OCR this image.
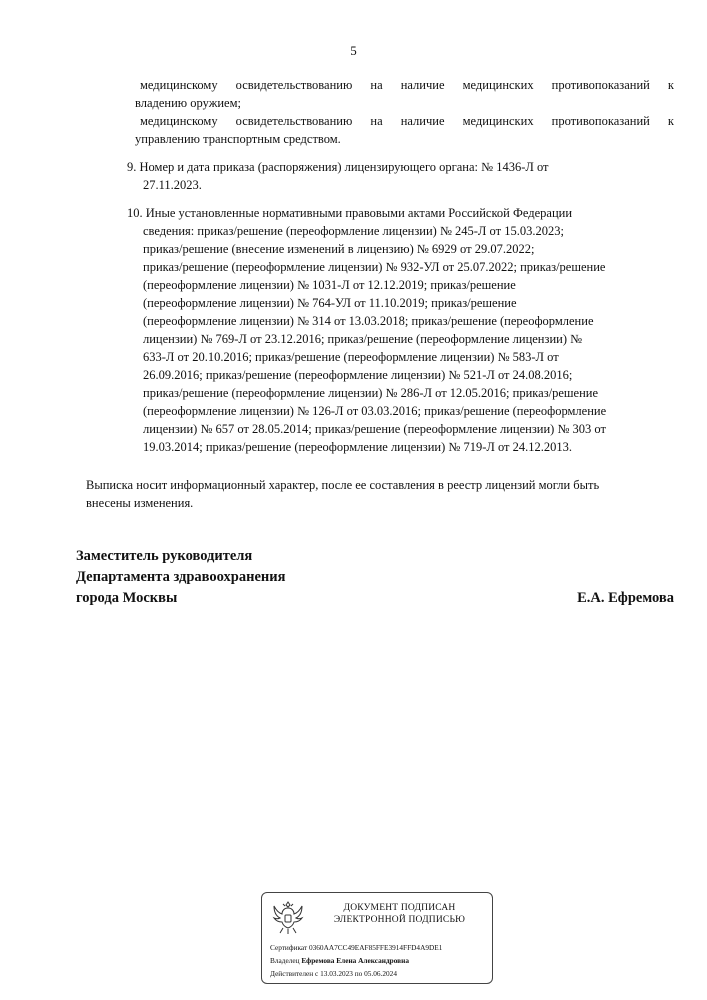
5
медицинскому освидетельствованию на наличие медицинских противопоказаний к
владению оружием;
медицинскому освидетельствованию на наличие медицинских противопоказаний к
управлению транспортным средством.
9. Номер и дата приказа (распоряжения) лицензирующего органа: № 1436-Л от
27.11.2023.
10. Иные установленные нормативными правовыми актами Российской Федерации
сведения: приказ/решение (переоформление лицензии) № 245-Л от 15.03.2023;
приказ/решение (внесение изменений в лицензию) № 6929 от 29.07.2022;
приказ/решение (переоформление лицензии) № 932-УЛ от 25.07.2022; приказ/решение
(переоформление лицензии) № 1031-Л от 12.12.2019; приказ/решение
(переоформление лицензии) № 764-УЛ от 11.10.2019; приказ/решение
(переоформление лицензии) № 314 от 13.03.2018; приказ/решение (переоформление
лицензии) № 769-Л от 23.12.2016; приказ/решение (переоформление лицензии) №
633-Л от 20.10.2016; приказ/решение (переоформление лицензии) № 583-Л от
26.09.2016; приказ/решение (переоформление лицензии) № 521-Л от 24.08.2016;
приказ/решение (переоформление лицензии) № 286-Л от 12.05.2016; приказ/решение
(переоформление лицензии) № 126-Л от 03.03.2016; приказ/решение (переоформление
лицензии) № 657 от 28.05.2014; приказ/решение (переоформление лицензии) № 303 от
19.03.2014; приказ/решение (переоформление лицензии) № 719-Л от 24.12.2013.
Выписка носит информационный характер, после ее составления в реестр лицензий могли быть
внесены изменения.
Заместитель руководителя
Департамента здравоохранения
города Москвы	Е.А. Ефремова
ДОКУМЕНТ ПОДПИСАН
ЭЛЕКТРОННОЙ ПОДПИСЬЮ
Сертификат 0360AA7CC49EAF85FFE3914FFD4A9DE1
Владелец Ефремова Елена Александровна
Действителен с 13.03.2023 по 05.06.2024
